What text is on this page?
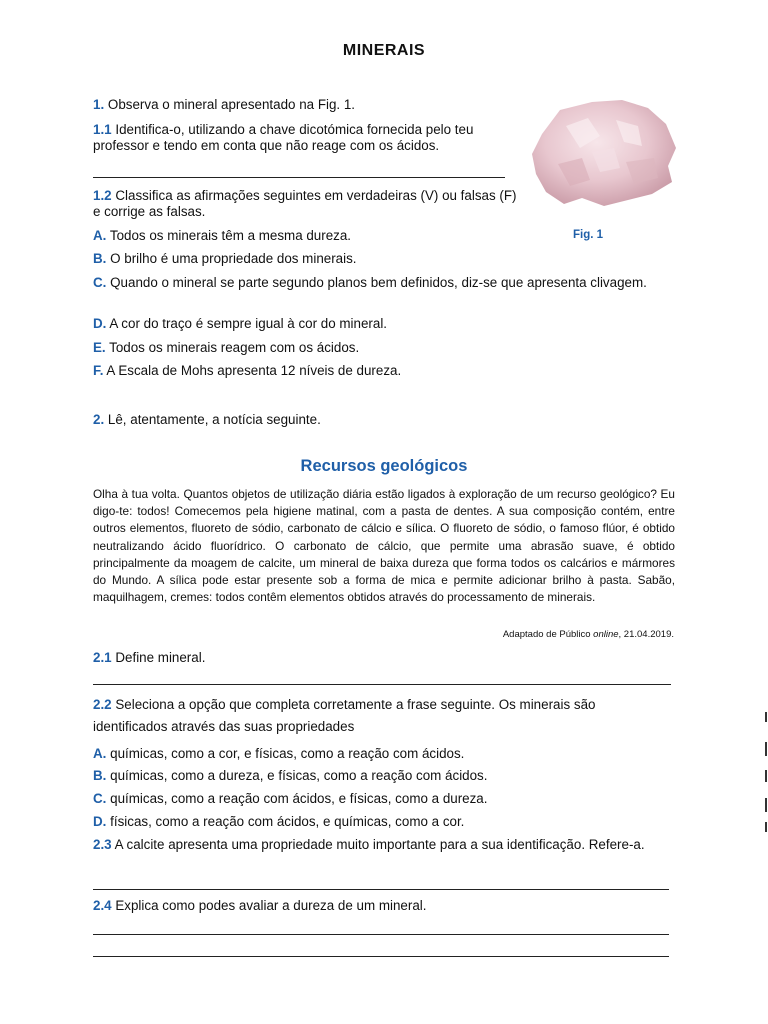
MINERAIS
1. Observa o mineral apresentado na Fig. 1.
1.1 Identifica-o, utilizando a chave dicotómica fornecida pelo teu professor e tendo em conta que não reage com os ácidos.
1.2 Classifica as afirmações seguintes em verdadeiras (V) ou falsas (F) e corrige as falsas.
A. Todos os minerais têm a mesma dureza.
B. O brilho é uma propriedade dos minerais.
C. Quando o mineral se parte segundo planos bem definidos, diz-se que apresenta clivagem.
D. A cor do traço é sempre igual à cor do mineral.
E. Todos os minerais reagem com os ácidos.
F. A Escala de Mohs apresenta 12 níveis de dureza.
Fig. 1
2. Lê, atentamente, a notícia seguinte.
Recursos geológicos
Olha à tua volta. Quantos objetos de utilização diária estão ligados à exploração de um recurso geológico? Eu digo-te: todos! Comecemos pela higiene matinal, com a pasta de dentes. A sua composição contém, entre outros elementos, fluoreto de sódio, carbonato de cálcio e sílica. O fluoreto de sódio, o famoso flúor, é obtido neutralizando ácido fluorídrico. O carbonato de cálcio, que permite uma abrasão suave, é obtido principalmente da moagem de calcite, um mineral de baixa dureza que forma todos os calcários e mármores do Mundo. A sílica pode estar presente sob a forma de mica e permite adicionar brilho à pasta. Sabão, maquilhagem, cremes: todos contêm elementos obtidos através do processamento de minerais.
Adaptado de Público online, 21.04.2019.
2.1 Define mineral.
2.2 Seleciona a opção que completa corretamente a frase seguinte. Os minerais são identificados através das suas propriedades
A. químicas, como a cor, e físicas, como a reação com ácidos.
B. químicas, como a dureza, e físicas, como a reação com ácidos.
C. químicas, como a reação com ácidos, e físicas, como a dureza.
D. físicas, como a reação com ácidos, e químicas, como a cor.
2.3 A calcite apresenta uma propriedade muito importante para a sua identificação. Refere-a.
2.4 Explica como podes avaliar a dureza de um mineral.
